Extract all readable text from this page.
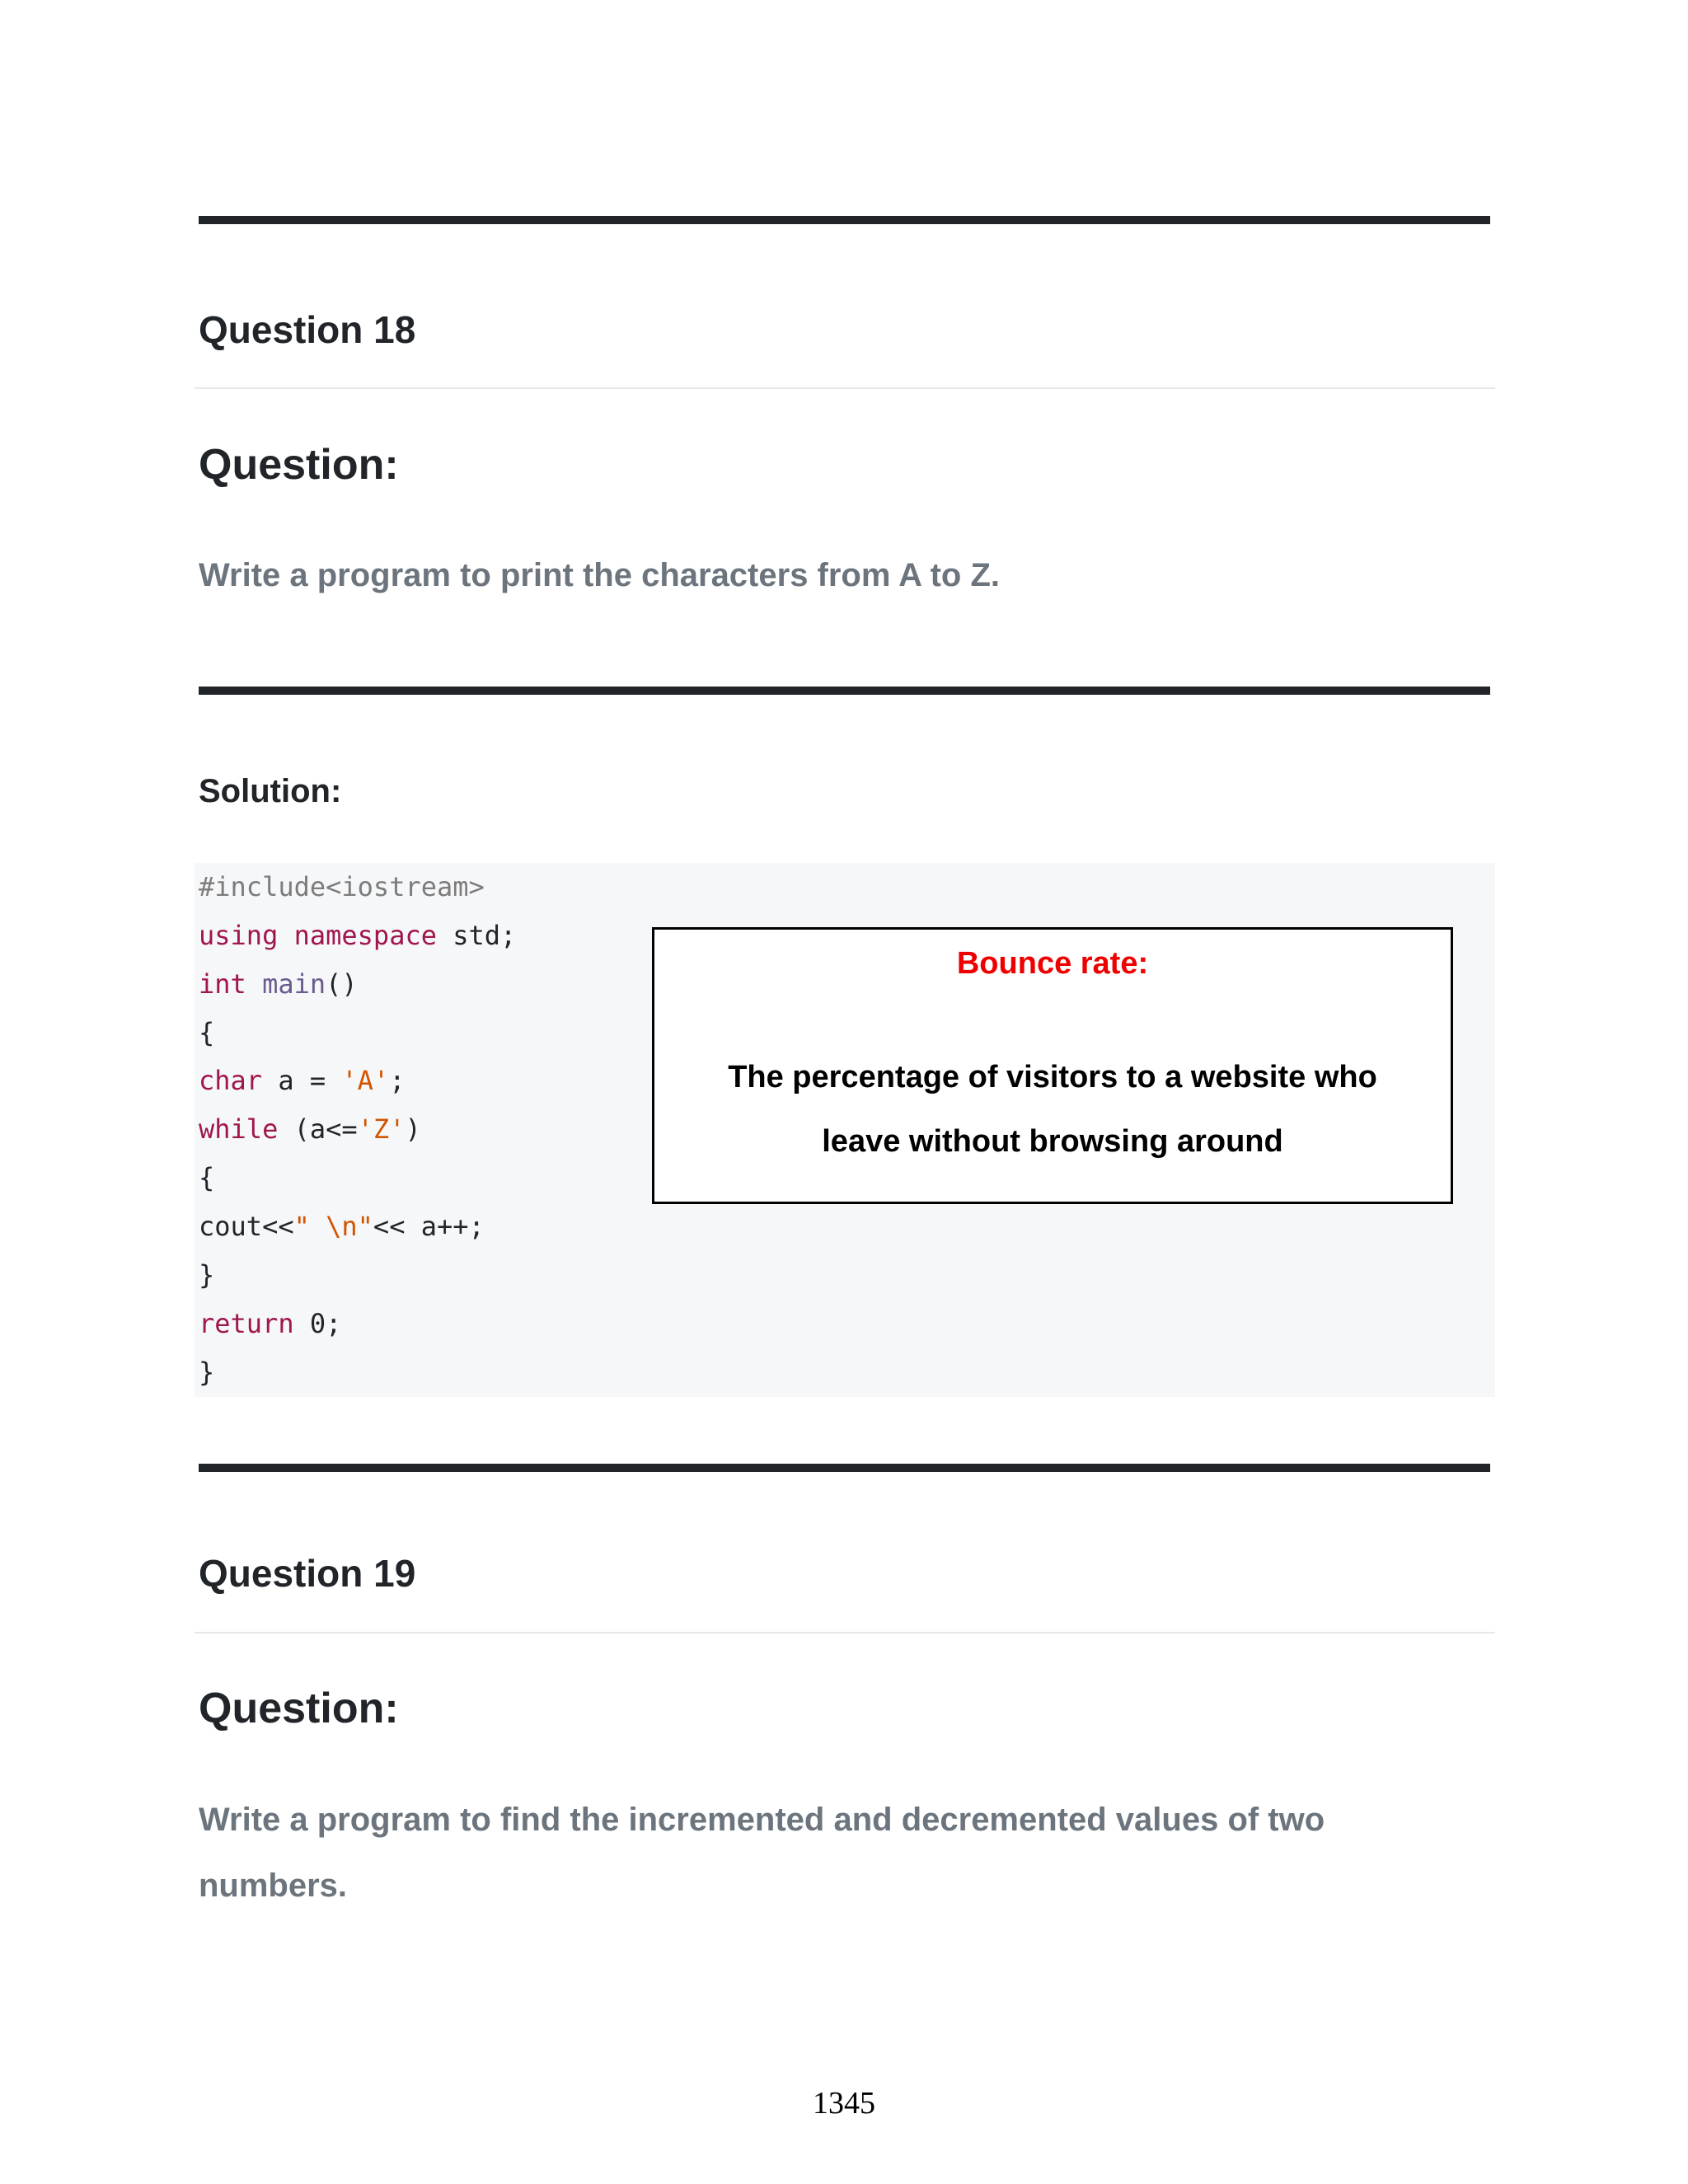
Question 18
Question:

Write a program to print the characters from A to Z.

Solution:
#include<iostream>
using namespace std;
int main()
{
char a = 'A';
while (a<='Z')
{
cout<<" \n"<< a++;
}
return 0;
}
Bounce rate:
The percentage of visitors to a website who
leave without browsing around
Question 19
Question:

Write a program to find the incremented and decremented values of two numbers.

1345
